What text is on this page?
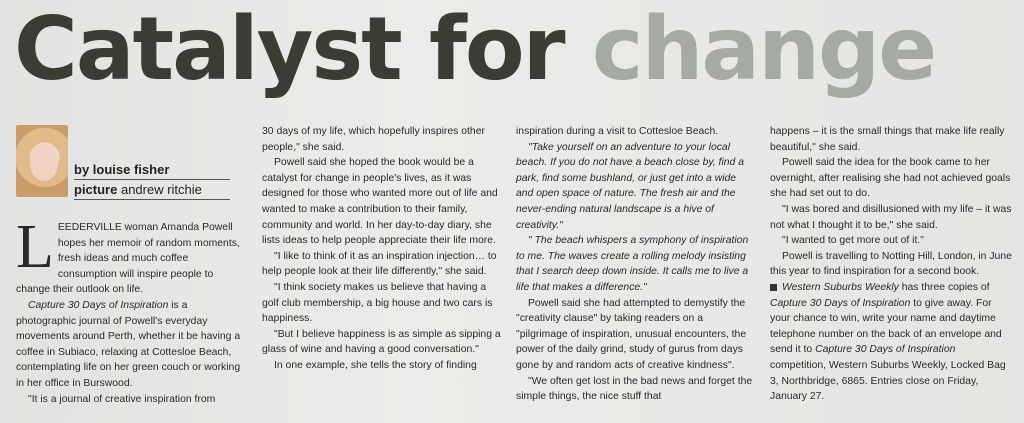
Catalyst for change
by louise fisher
picture andrew ritchie

LEEDERVILLE woman Amanda Powell hopes her memoir of random moments, fresh ideas and much coffee consumption will inspire people to change their outlook on life.

Capture 30 Days of Inspiration is a photographic journal of Powell's everyday movements around Perth, whether it be having a coffee in Subiaco, relaxing at Cottesloe Beach, contemplating life on her green couch or working in her office in Burswood.

"It is a journal of creative inspiration from

30 days of my life, which hopefully inspires other people," she said.

Powell said she hoped the book would be a catalyst for change in people's lives, as it was designed for those who wanted more out of life and wanted to make a contribution to their family, community and world. In her day-to-day diary, she lists ideas to help people appreciate their life more.

"I like to think of it as an inspiration injection… to help people look at their life differently," she said.

"I think society makes us believe that having a golf club membership, a big house and two cars is happiness.

"But I believe happiness is as simple as sipping a glass of wine and having a good conversation."

In one example, she tells the story of finding

inspiration during a visit to Cottesloe Beach.

"Take yourself on an adventure to your local beach. If you do not have a beach close by, find a park, find some bushland, or just get into a wide and open space of nature. The fresh air and the never-ending natural landscape is a hive of creativity."

" The beach whispers a symphony of inspiration to me. The waves create a rolling melody insisting that I search deep down inside. It calls me to live a life that makes a difference."

Powell said she had attempted to demystify the "creativity clause" by taking readers on a "pilgrimage of inspiration, unusual encounters, the power of the daily grind, study of gurus from days gone by and random acts of creative kindness".

"We often get lost in the bad news and forget the simple things, the nice stuff that

happens – it is the small things that make life really beautiful," she said.

Powell said the idea for the book came to her overnight, after realising she had not achieved goals she had set out to do.

"I was bored and disillusioned with my life – it was not what I thought it to be," she said.

"I wanted to get more out of it."

Powell is travelling to Notting Hill, London, in June this year to find inspiration for a second book.

Western Suburbs Weekly has three copies of Capture 30 Days of Inspiration to give away. For your chance to win, write your name and daytime telephone number on the back of an envelope and send it to Capture 30 Days of Inspiration competition, Western Suburbs Weekly, Locked Bag 3, Northbridge, 6865. Entries close on Friday, January 27.
